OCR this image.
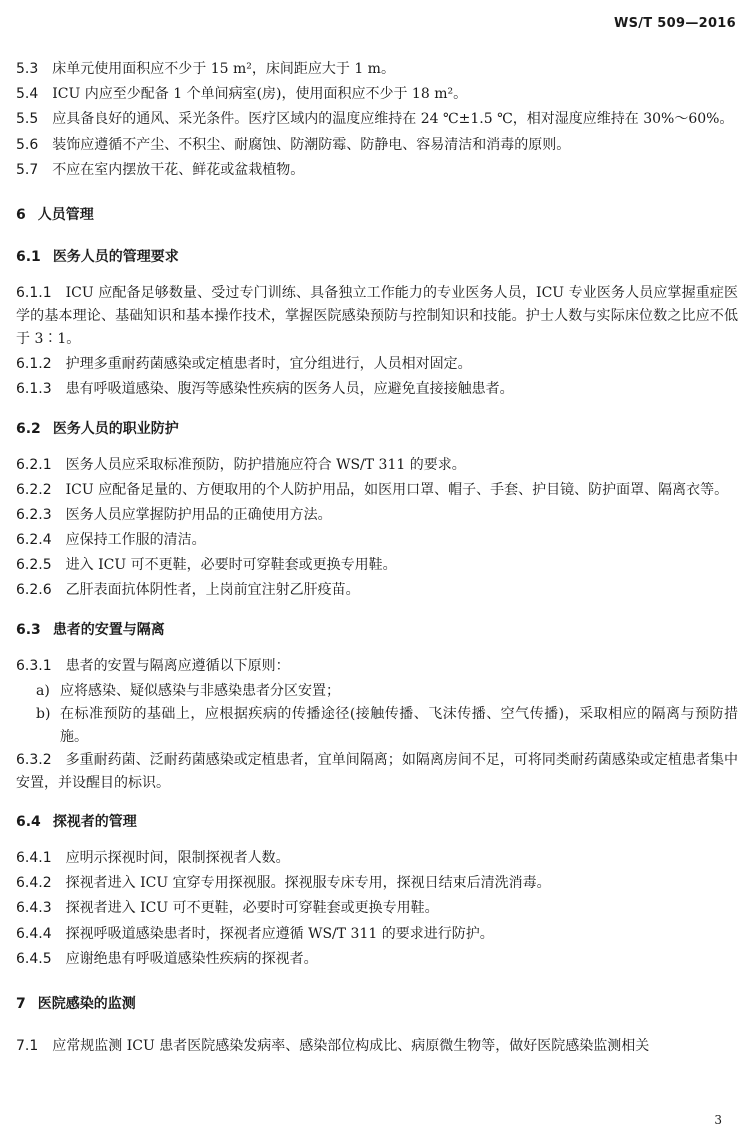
WS/T 509—2016
5.3 床单元使用面积应不少于 15 m²，床间距应大于 1 m。
5.4 ICU 内应至少配备 1 个单间病室(房)，使用面积应不少于 18 m²。
5.5 应具备良好的通风、采光条件。医疗区域内的温度应维持在 24 ℃±1.5 ℃，相对湿度应维持在 30%～60%。
5.6 装饰应遵循不产尘、不积尘、耐腐蚀、防潮防霉、防静电、容易清洁和消毒的原则。
5.7 不应在室内摆放干花、鲜花或盆栽植物。
6 人员管理
6.1 医务人员的管理要求
6.1.1 ICU 应配备足够数量、受过专门训练、具备独立工作能力的专业医务人员，ICU 专业医务人员应掌握重症医学的基本理论、基础知识和基本操作技术，掌握医院感染预防与控制知识和技能。护士人数与实际床位数之比应不低于 3∶1。
6.1.2 护理多重耐药菌感染或定植患者时，宜分组进行，人员相对固定。
6.1.3 患有呼吸道感染、腹泻等感染性疾病的医务人员，应避免直接接触患者。
6.2 医务人员的职业防护
6.2.1 医务人员应采取标准预防，防护措施应符合 WS/T 311 的要求。
6.2.2 ICU 应配备足量的、方便取用的个人防护用品，如医用口罩、帽子、手套、护目镜、防护面罩、隔离衣等。
6.2.3 医务人员应掌握防护用品的正确使用方法。
6.2.4 应保持工作服的清洁。
6.2.5 进入 ICU 可不更鞋，必要时可穿鞋套或更换专用鞋。
6.2.6 乙肝表面抗体阴性者，上岗前宜注射乙肝疫苗。
6.3 患者的安置与隔离
6.3.1 患者的安置与隔离应遵循以下原则：
a) 应将感染、疑似感染与非感染患者分区安置；
b) 在标准预防的基础上，应根据疾病的传播途径(接触传播、飞沫传播、空气传播)，采取相应的隔离与预防措施。
6.3.2 多重耐药菌、泛耐药菌感染或定植患者，宜单间隔离；如隔离房间不足，可将同类耐药菌感染或定植患者集中安置，并设醒目的标识。
6.4 探视者的管理
6.4.1 应明示探视时间，限制探视者人数。
6.4.2 探视者进入 ICU 宜穿专用探视服。探视服专床专用，探视日结束后清洗消毒。
6.4.3 探视者进入 ICU 可不更鞋，必要时可穿鞋套或更换专用鞋。
6.4.4 探视呼吸道感染患者时，探视者应遵循 WS/T 311 的要求进行防护。
6.4.5 应谢绝患有呼吸道感染性疾病的探视者。
7 医院感染的监测
7.1 应常规监测 ICU 患者医院感染发病率、感染部位构成比、病原微生物等，做好医院感染监测相关
3
